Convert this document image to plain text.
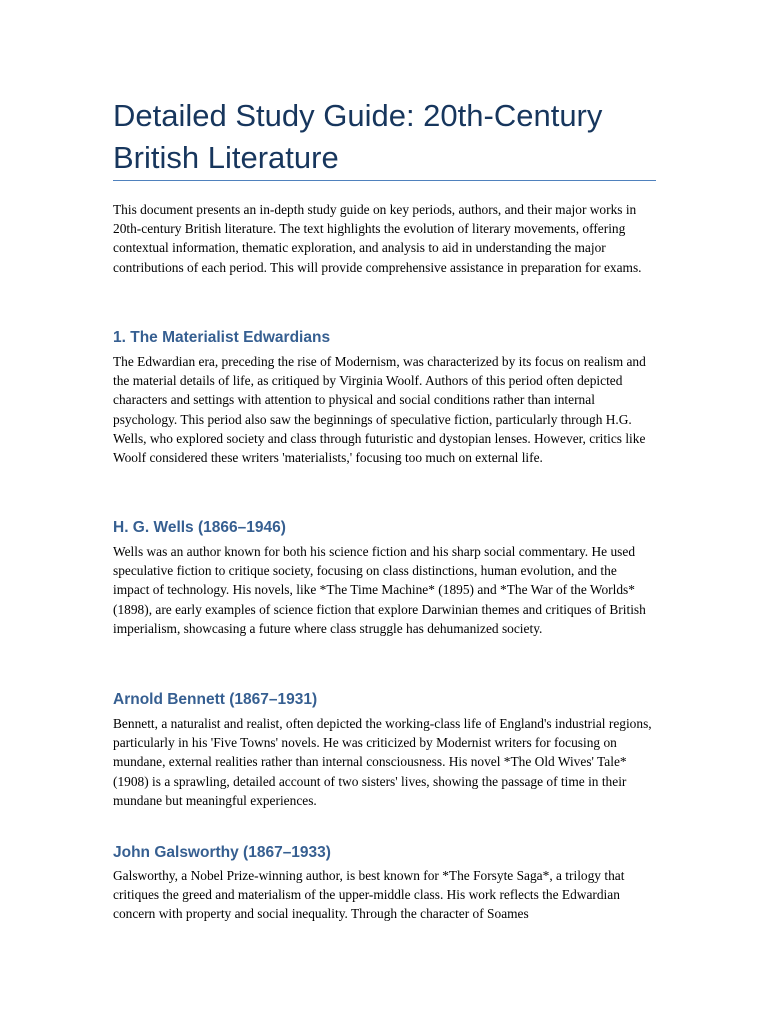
Detailed Study Guide: 20th-Century British Literature

This document presents an in-depth study guide on key periods, authors, and their major works in 20th-century British literature. The text highlights the evolution of literary movements, offering contextual information, thematic exploration, and analysis to aid in understanding the major contributions of each period. This will provide comprehensive assistance in preparation for exams.

1. The Materialist Edwardians

The Edwardian era, preceding the rise of Modernism, was characterized by its focus on realism and the material details of life, as critiqued by Virginia Woolf. Authors of this period often depicted characters and settings with attention to physical and social conditions rather than internal psychology. This period also saw the beginnings of speculative fiction, particularly through H.G. Wells, who explored society and class through futuristic and dystopian lenses. However, critics like Woolf considered these writers 'materialists,' focusing too much on external life.

H. G. Wells (1866–1946)

Wells was an author known for both his science fiction and his sharp social commentary. He used speculative fiction to critique society, focusing on class distinctions, human evolution, and the impact of technology. His novels, like *The Time Machine* (1895) and *The War of the Worlds* (1898), are early examples of science fiction that explore Darwinian themes and critiques of British imperialism, showcasing a future where class struggle has dehumanized society.

Arnold Bennett (1867–1931)

Bennett, a naturalist and realist, often depicted the working-class life of England's industrial regions, particularly in his 'Five Towns' novels. He was criticized by Modernist writers for focusing on mundane, external realities rather than internal consciousness. His novel *The Old Wives' Tale* (1908) is a sprawling, detailed account of two sisters' lives, showing the passage of time in their mundane but meaningful experiences.

John Galsworthy (1867–1933)

Galsworthy, a Nobel Prize-winning author, is best known for *The Forsyte Saga*, a trilogy that critiques the greed and materialism of the upper-middle class. His work reflects the Edwardian concern with property and social inequality. Through the character of Soames
